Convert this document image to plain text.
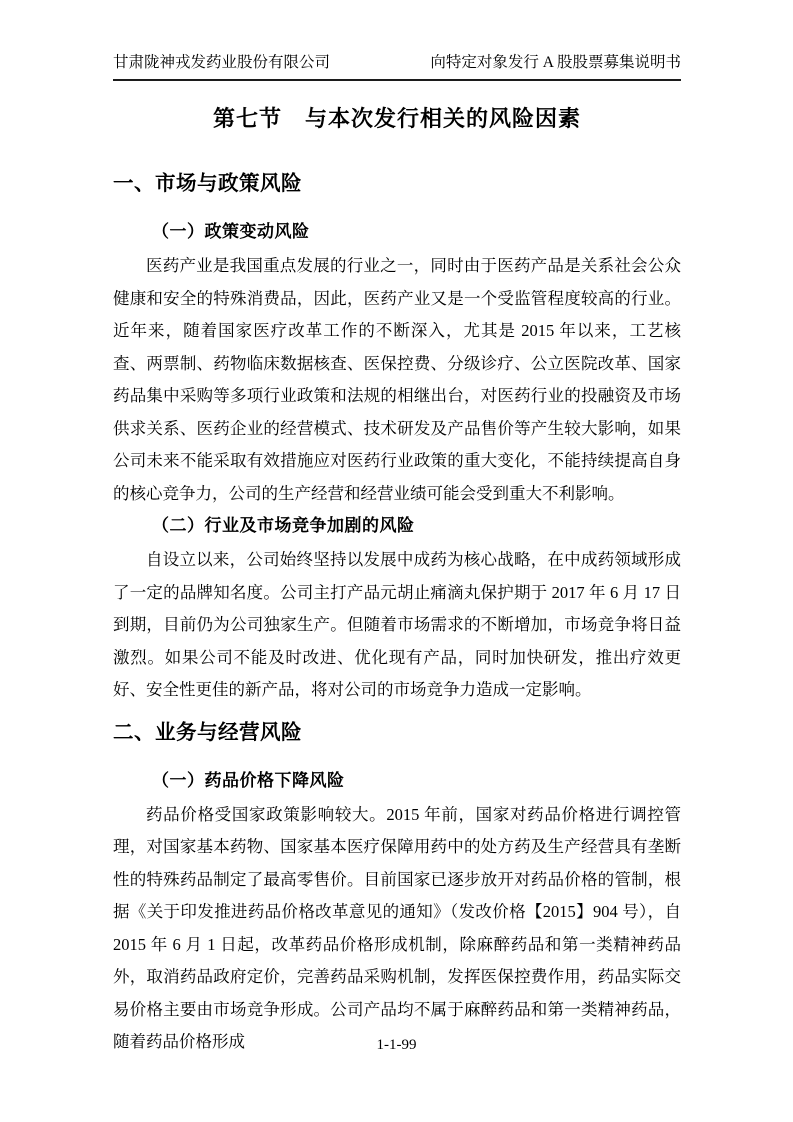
甘肃陇神戎发药业股份有限公司	向特定对象发行 A 股股票募集说明书
第七节　与本次发行相关的风险因素
一、市场与政策风险
（一）政策变动风险

医药产业是我国重点发展的行业之一，同时由于医药产品是关系社会公众健康和安全的特殊消费品，因此，医药产业又是一个受监管程度较高的行业。近年来，随着国家医疗改革工作的不断深入，尤其是 2015 年以来，工艺核查、两票制、药物临床数据核查、医保控费、分级诊疗、公立医院改革、国家药品集中采购等多项行业政策和法规的相继出台，对医药行业的投融资及市场供求关系、医药企业的经营模式、技术研发及产品售价等产生较大影响，如果公司未来不能采取有效措施应对医药行业政策的重大变化，不能持续提高自身的核心竞争力，公司的生产经营和经营业绩可能会受到重大不利影响。

（二）行业及市场竞争加剧的风险

自设立以来，公司始终坚持以发展中成药为核心战略，在中成药领域形成了一定的品牌知名度。公司主打产品元胡止痛滴丸保护期于 2017 年 6 月 17 日到期，目前仍为公司独家生产。但随着市场需求的不断增加，市场竞争将日益激烈。如果公司不能及时改进、优化现有产品，同时加快研发，推出疗效更好、安全性更佳的新产品，将对公司的市场竞争力造成一定影响。

二、业务与经营风险
（一）药品价格下降风险

药品价格受国家政策影响较大。2015 年前，国家对药品价格进行调控管理，对国家基本药物、国家基本医疗保障用药中的处方药及生产经营具有垄断性的特殊药品制定了最高零售价。目前国家已逐步放开对药品价格的管制，根据《关于印发推进药品价格改革意见的通知》（发改价格【2015】904 号），自 2015 年 6 月 1 日起，改革药品价格形成机制，除麻醉药品和第一类精神药品外，取消药品政府定价，完善药品采购机制，发挥医保控费作用，药品实际交易价格主要由市场竞争形成。公司产品均不属于麻醉药品和第一类精神药品，随着药品价格形成	1-1-99
